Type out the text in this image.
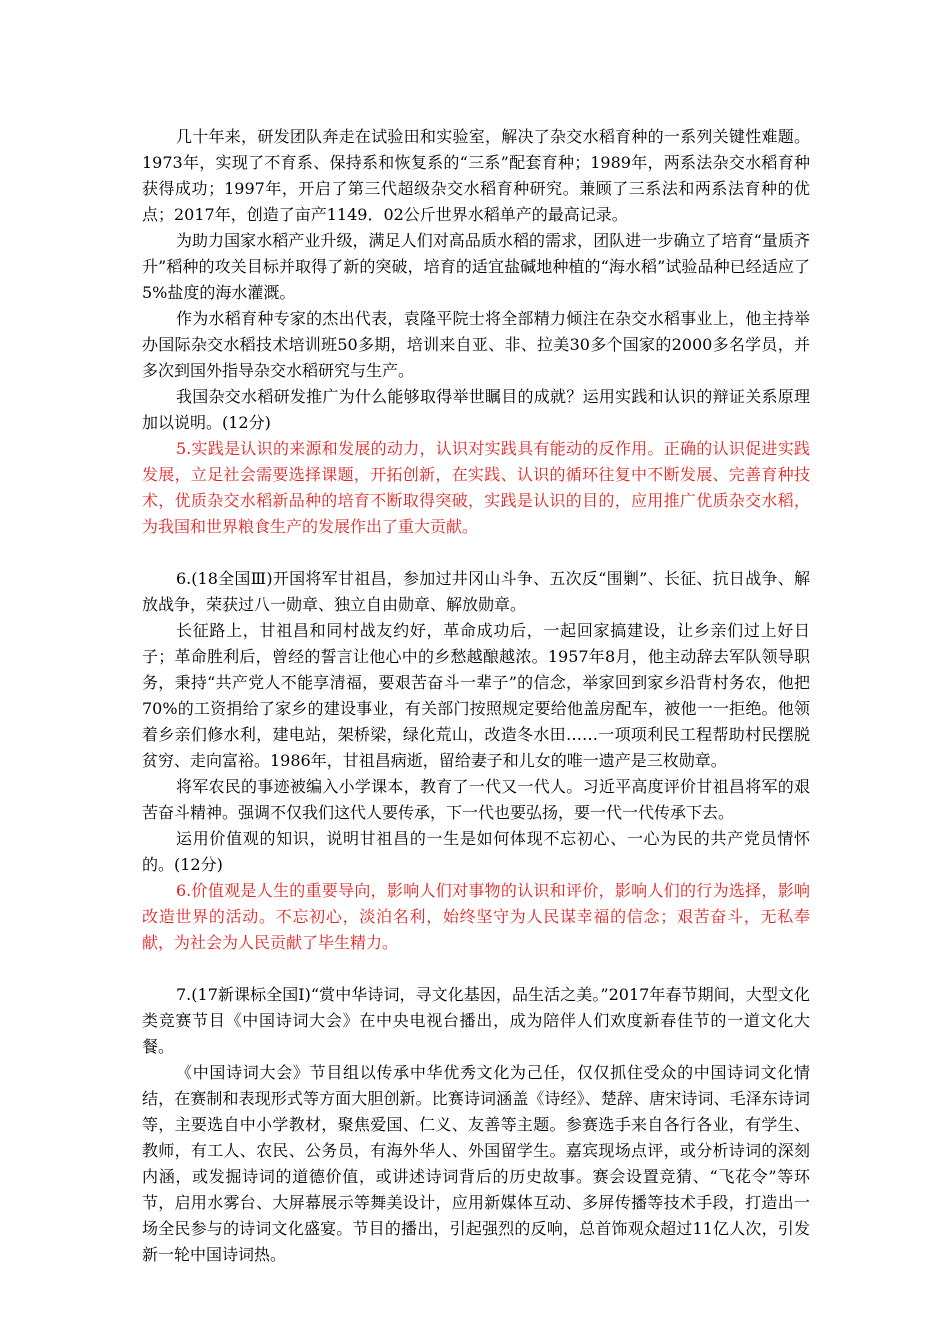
几十年来，研发团队奔走在试验田和实验室，解决了杂交水稻育种的一系列关键性难题。1973年，实现了不育系、保持系和恢复系的“三系”配套育种；1989年，两系法杂交水稻育种获得成功；1997年，开启了第三代超级杂交水稻育种研究。兼顾了三系法和两系法育种的优点；2017年，创造了亩产1149．02公斤世界水稻单产的最高记录。

为助力国家水稻产业升级，满足人们对高品质水稻的需求，团队进一步确立了培育“量质齐升”稻种的攻关目标并取得了新的突破，培育的适宜盐碱地种植的“海水稻”试验品种已经适应了5%盐度的海水灌溉。

作为水稻育种专家的杰出代表，袁隆平院士将全部精力倾注在杂交水稻事业上，他主持举办国际杂交水稻技术培训班50多期，培训来自亚、非、拉美30多个国家的2000多名学员，并多次到国外指导杂交水稻研究与生产。

我国杂交水稻研发推广为什么能够取得举世瞩目的成就？运用实践和认识的辩证关系原理加以说明。(12分)

5.实践是认识的来源和发展的动力，认识对实践具有能动的反作用。正确的认识促进实践发展，立足社会需要选择课题，开拓创新，在实践、认识的循环往复中不断发展、完善育种技术，优质杂交水稻新品种的培育不断取得突破，实践是认识的目的，应用推广优质杂交水稻，为我国和世界粮食生产的发展作出了重大贡献。

6.(18全国Ⅲ)开国将军甘祖昌，参加过井冈山斗争、五次反“围剿”、长征、抗日战争、解放战争，荣获过八一勋章、独立自由勋章、解放勋章。

长征路上，甘祖昌和同村战友约好，革命成功后，一起回家搞建设，让乡亲们过上好日子；革命胜利后，曾经的誓言让他心中的乡愁越酿越浓。1957年8月，他主动辞去军队领导职务，秉持“共产党人不能享清福，要艰苦奋斗一辈子”的信念，举家回到家乡沿背村务农，他把70%的工资捐给了家乡的建设事业，有关部门按照规定要给他盖房配车，被他一一拒绝。他领着乡亲们修水利，建电站，架桥梁，绿化荒山，改造冬水田……一项项利民工程帮助村民摆脱贫穷、走向富裕。1986年，甘祖昌病逝，留给妻子和儿女的唯一遗产是三枚勋章。

将军农民的事迹被编入小学课本，教育了一代又一代人。习近平高度评价甘祖昌将军的艰苦奋斗精神。强调不仅我们这代人要传承，下一代也要弘扬，要一代一代传承下去。

运用价值观的知识，说明甘祖昌的一生是如何体现不忘初心、一心为民的共产党员情怀的。(12分)

6.价值观是人生的重要导向，影响人们对事物的认识和评价，影响人们的行为选择，影响改造世界的活动。不忘初心，淡泊名利，始终坚守为人民谋幸福的信念；艰苦奋斗，无私奉献，为社会为人民贡献了毕生精力。

7.(17新课标全国Ⅰ)“赏中华诗词，寻文化基因，品生活之美。”2017年春节期间，大型文化类竞赛节目《中国诗词大会》在中央电视台播出，成为陪伴人们欢度新春佳节的一道文化大餐。

《中国诗词大会》节目组以传承中华优秀文化为己任，仅仅抓住受众的中国诗词文化情结，在赛制和表现形式等方面大胆创新。比赛诗词涵盖《诗经》、楚辞、唐宋诗词、毛泽东诗词等，主要选自中小学教材，聚焦爱国、仁义、友善等主题。参赛选手来自各行各业，有学生、教师，有工人、农民、公务员，有海外华人、外国留学生。嘉宾现场点评，或分析诗词的深刻内涵，或发掘诗词的道德价值，或讲述诗词背后的历史故事。赛会设置竞猜、“飞花令”等环节，启用水雾台、大屏幕展示等舞美设计，应用新媒体互动、多屏传播等技术手段，打造出一场全民参与的诗词文化盛宴。节目的播出，引起强烈的反响，总首饰观众超过11亿人次，引发新一轮中国诗词热。
